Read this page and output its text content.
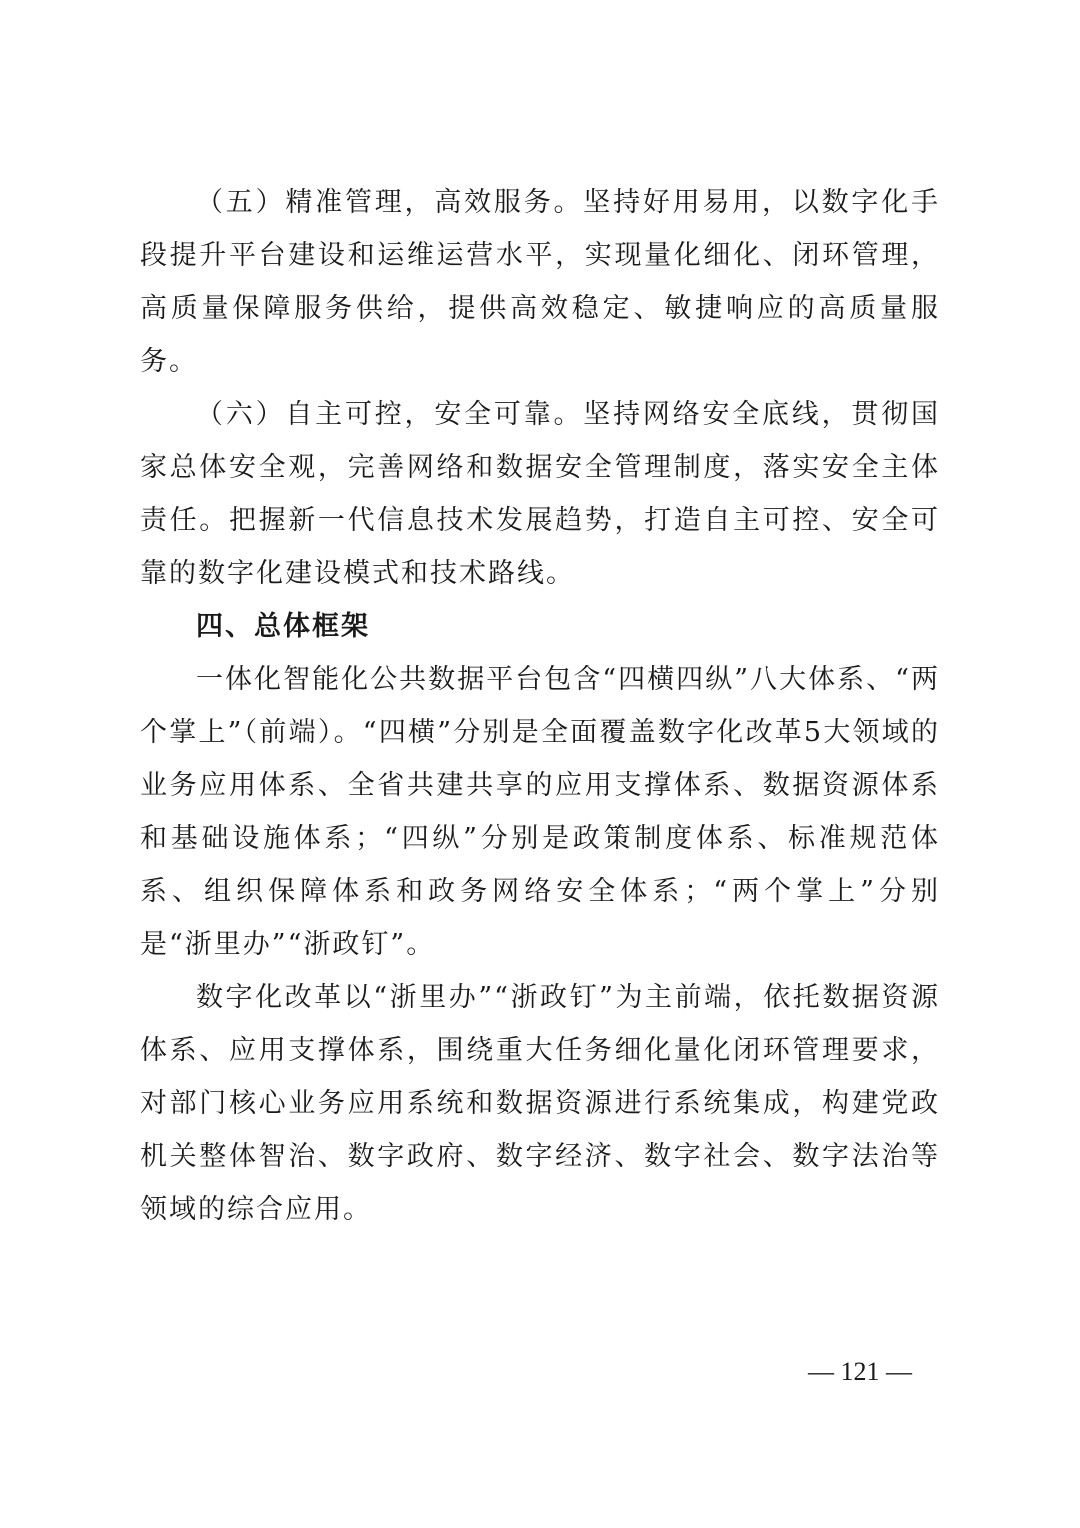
（五）精准管理，高效服务。坚持好用易用，以数字化手段提升平台建设和运维运营水平，实现量化细化、闭环管理，高质量保障服务供给，提供高效稳定、敏捷响应的高质量服务。

（六）自主可控，安全可靠。坚持网络安全底线，贯彻国家总体安全观，完善网络和数据安全管理制度，落实安全主体责任。把握新一代信息技术发展趋势，打造自主可控、安全可靠的数字化建设模式和技术路线。

四、总体框架

一体化智能化公共数据平台包含“四横四纵”八大体系、“两个掌上”（前端）。“四横”分别是全面覆盖数字化改革5大领域的业务应用体系、全省共建共享的应用支撑体系、数据资源体系和基础设施体系；“四纵”分别是政策制度体系、标准规范体系、组织保障体系和政务网络安全体系；“两个掌上”分别是“浙里办”“浙政钉”。

数字化改革以“浙里办”“浙政钉”为主前端，依托数据资源体系、应用支撑体系，围绕重大任务细化量化闭环管理要求，对部门核心业务应用系统和数据资源进行系统集成，构建党政机关整体智治、数字政府、数字经济、数字社会、数字法治等领域的综合应用。

— 121 —
